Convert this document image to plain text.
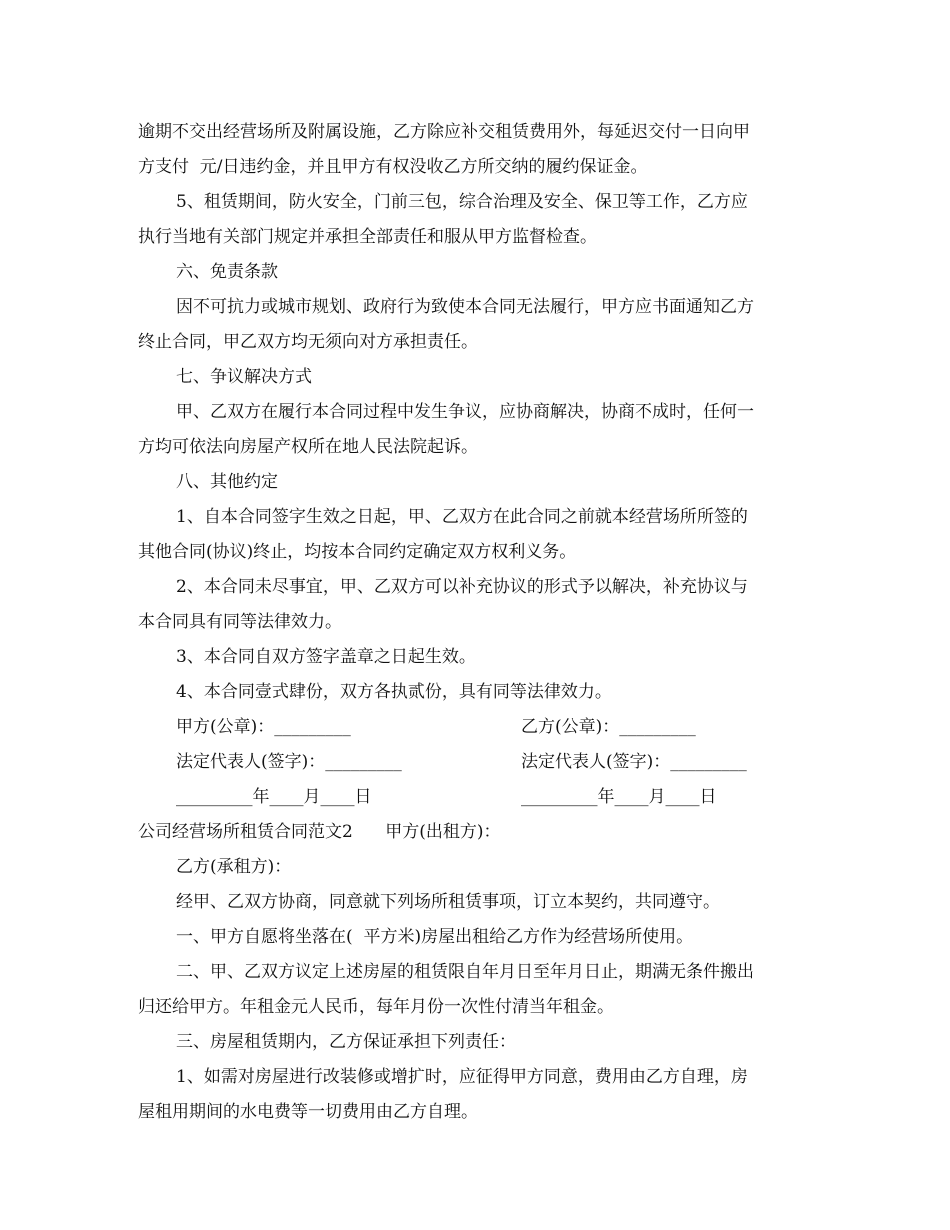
逾期不交出经营场所及附属设施，乙方除应补交租赁费用外，每延迟交付一日向甲
方支付  元/日违约金，并且甲方有权没收乙方所交纳的履约保证金。
5、租赁期间，防火安全，门前三包，综合治理及安全、保卫等工作，乙方应
执行当地有关部门规定并承担全部责任和服从甲方监督检查。
六、免责条款
因不可抗力或城市规划、政府行为致使本合同无法履行，甲方应书面通知乙方
终止合同，甲乙双方均无须向对方承担责任。
七、争议解决方式
甲、乙双方在履行本合同过程中发生争议，应协商解决，协商不成时，任何一
方均可依法向房屋产权所在地人民法院起诉。
八、其他约定
1、自本合同签字生效之日起，甲、乙双方在此合同之前就本经营场所所签的
其他合同(协议)终止，均按本合同约定确定双方权利义务。
2、本合同未尽事宜，甲、乙双方可以补充协议的形式予以解决，补充协议与
本合同具有同等法律效力。
3、本合同自双方签字盖章之日起生效。
4、本合同壹式肆份，双方各执贰份，具有同等法律效力。
甲方(公章)：_________	乙方(公章)：_________
法定代表人(签字)：_________	法定代表人(签字)：_________
_________年____月____日	_________年____月____日
公司经营场所租赁合同范文2      甲方(出租方)：
乙方(承租方)：
经甲、乙双方协商，同意就下列场所租赁事项，订立本契约，共同遵守。
一、甲方自愿将坐落在(  平方米)房屋出租给乙方作为经营场所使用。
二、甲、乙双方议定上述房屋的租赁限自年月日至年月日止，期满无条件搬出
归还给甲方。年租金元人民币，每年月份一次性付清当年租金。
三、房屋租赁期内，乙方保证承担下列责任：
1、如需对房屋进行改装修或增扩时，应征得甲方同意，费用由乙方自理，房
屋租用期间的水电费等一切费用由乙方自理。
